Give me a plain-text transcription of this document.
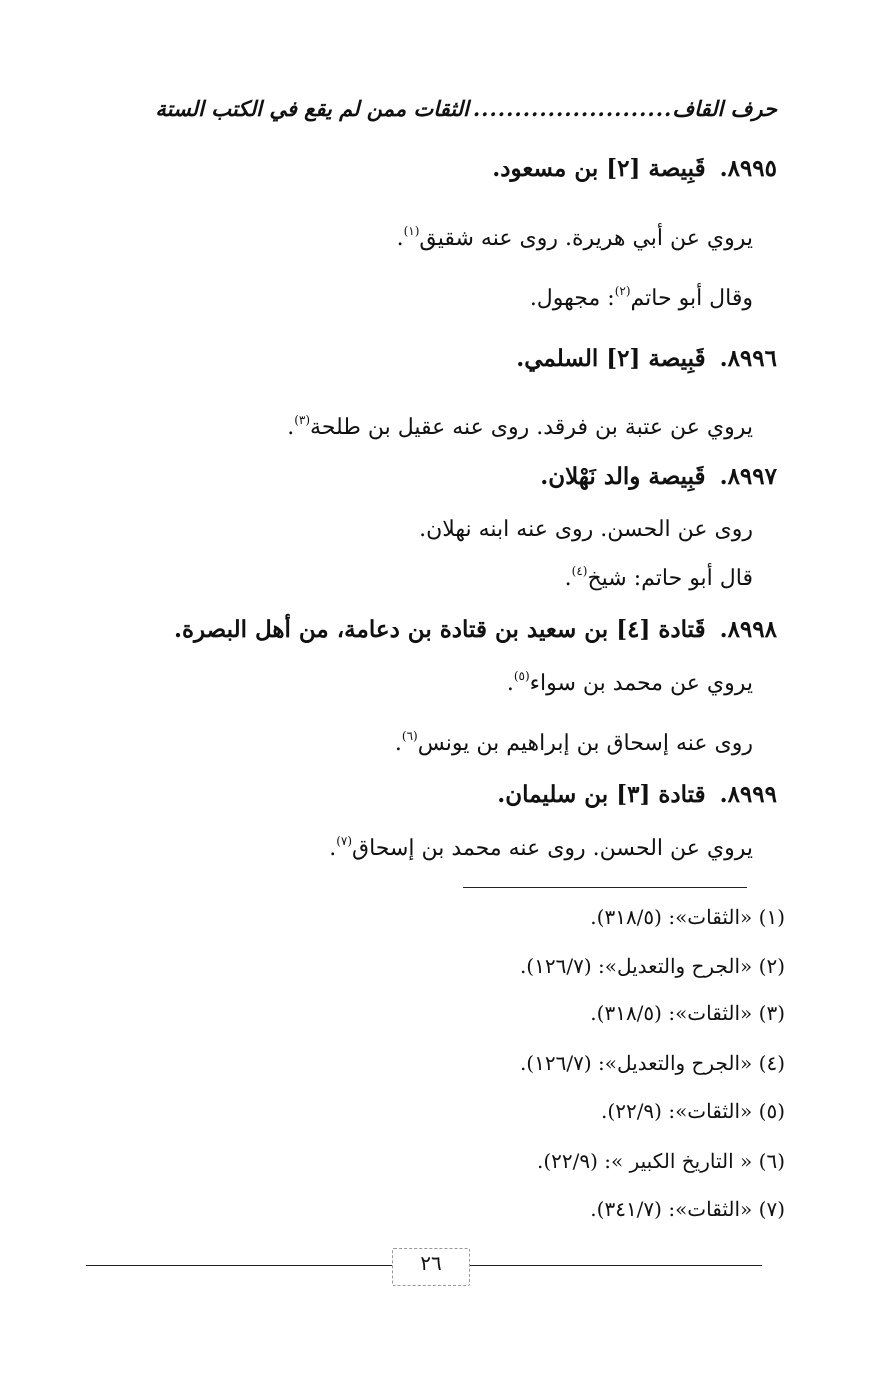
حرف القاف
........................
الثقات ممن لم يقع في الكتب الستة
٨٩٩٥.قَبِيصة [٢] بن مسعود.
يروي عن أبي هريرة. روى عنه شقيق$^{(١)}$.
وقال أبو حاتم$^{(٢)}$: مجهول.
٨٩٩٦.قَبِيصة [٢] السلمي.
يروي عن عتبة بن فرقد. روى عنه عقيل بن طلحة$^{(٣)}$.
٨٩٩٧.قَبِيصة والد نَهْلان.
روى عن الحسن. روى عنه ابنه نهلان.
قال أبو حاتم: شيخ$^{(٤)}$.
٨٩٩٨.قَتادة [٤] بن سعيد بن قتادة بن دعامة، من أهل البصرة.
يروي عن محمد بن سواء$^{(٥)}$.
روى عنه إسحاق بن إبراهيم بن يونس$^{(٦)}$.
٨٩٩٩.قتادة [٣] بن سليمان.
يروي عن الحسن. روى عنه محمد بن إسحاق$^{(٧)}$.
(١) «الثقات»: (٣١٨/٥).
(٢) «الجرح والتعديل»: (١٢٦/٧).
(٣) «الثقات»: (٣١٨/٥).
(٤) «الجرح والتعديل»: (١٢٦/٧).
(٥) «الثقات»: (٢٢/٩).
(٦) « التاريخ الكبير »: (٢٢/٩).
(٧) «الثقات»: (٣٤١/٧).
٢٦
